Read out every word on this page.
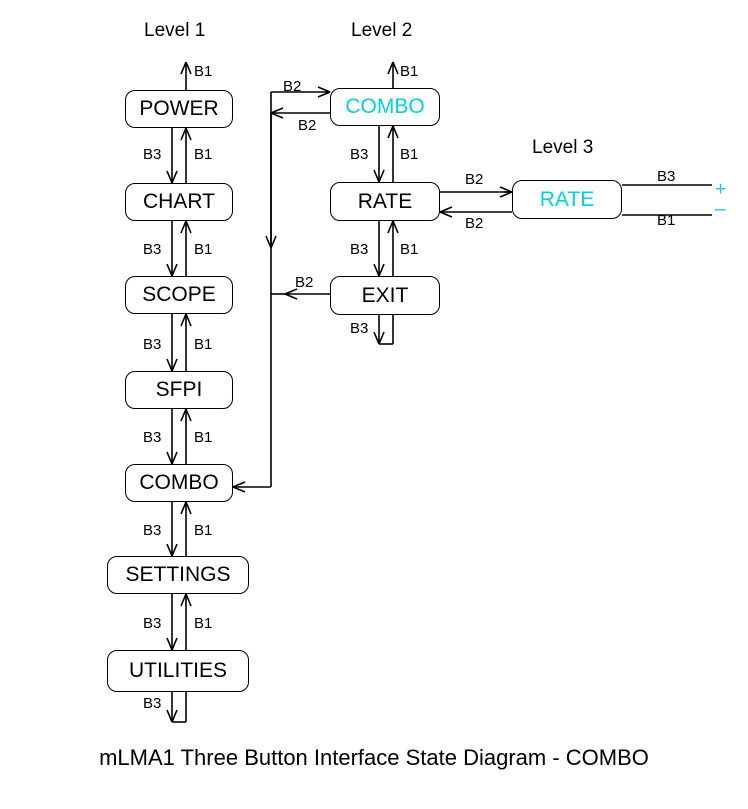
Level 1	Level 2
Level 3
POWER
CHART
SCOPE
SFPI
COMBO
SETTINGS
UTILITIES
COMBO
RATE
EXIT
RATE
B1
B3 B1
B3 B1
B3 B1
B3 B1
B3 B1
B3 B1
B3
B2
B2
B1
B3 B1
B3 B1
B2
B3
B2
B2
B3
B1
+
–
mLMA1 Three Button Interface State Diagram - COMBO
